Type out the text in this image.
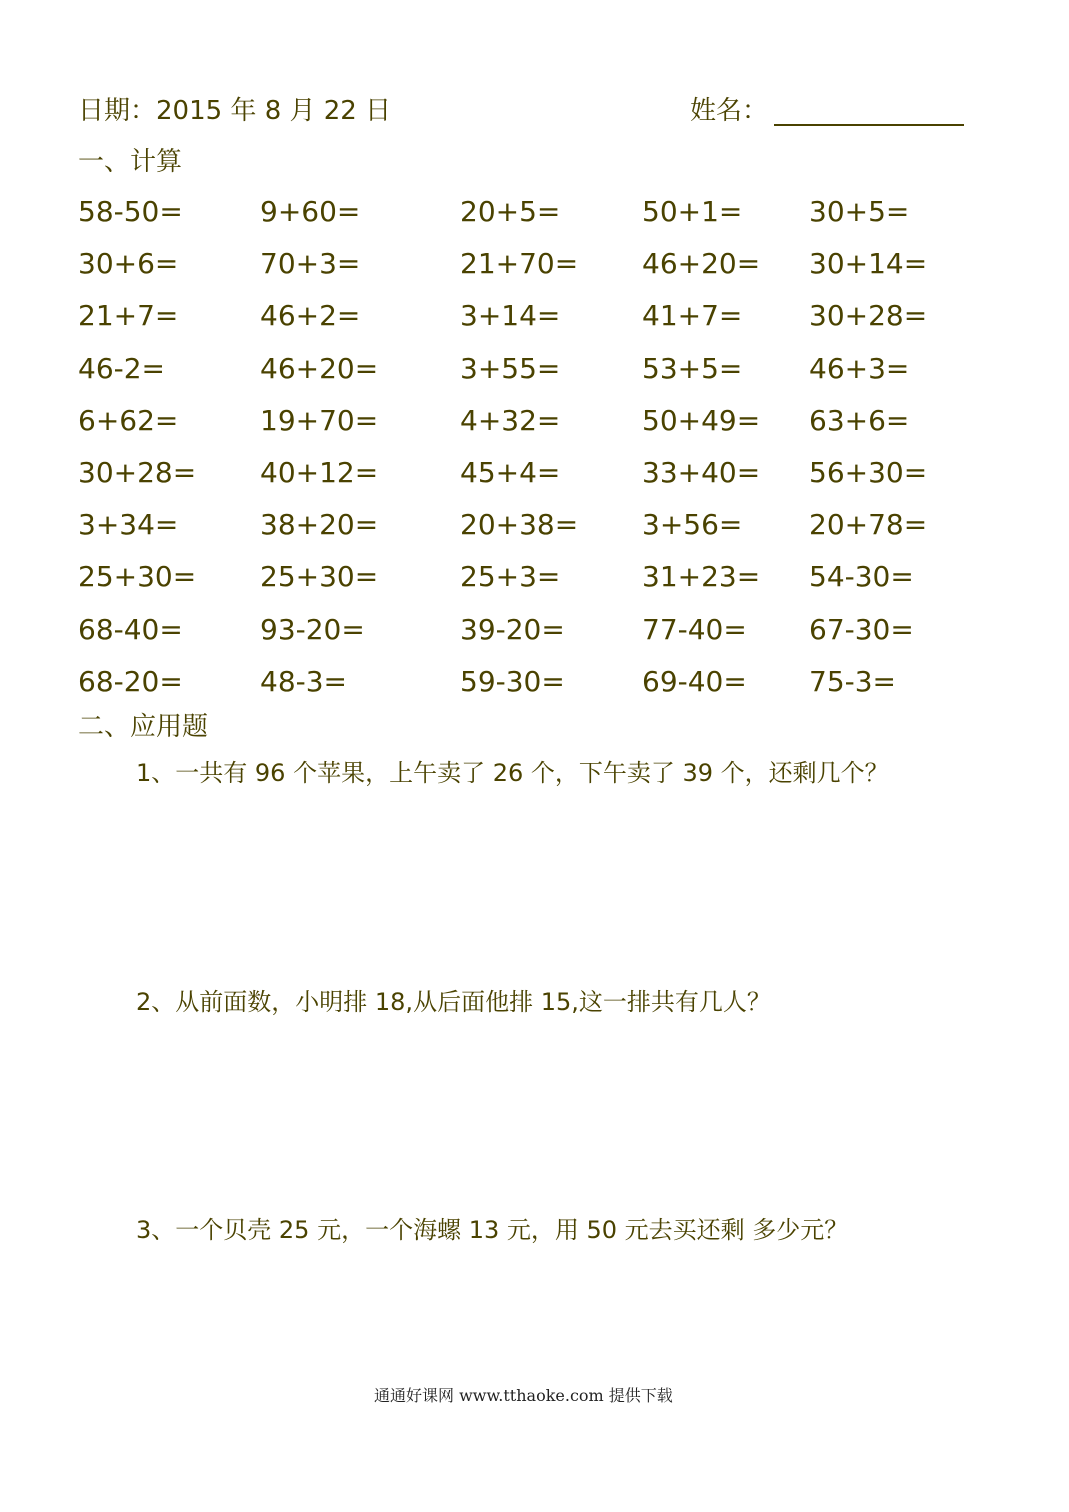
日期：2015 年 8 月 22 日	姓名：
一、计算
58-50=	9+60=	20+5=	50+1= 30+5=
30+6=	70+3=	21+70= 46+20= 30+14=
21+7=	46+2=	3+14=	41+7= 30+28=
46-2=	46+20=	3+55=	53+5= 46+3=
6+62=	19+70=	4+32=	50+49= 63+6=
30+28= 40+12=	45+4=	33+40= 56+30=
3+34=	38+20=	20+38= 3+56= 20+78=
25+30= 25+30=	25+3=	31+23= 54-30=
68-40=	93-20=	39-20=	77-40= 67-30=
68-20=	48-3=	59-30=	69-40= 75-3=
二、应用题
1、一共有 96 个苹果，上午卖了 26 个，下午卖了 39 个，还剩几个？
2、从前面数，小明排 18,从后面他排 15,这一排共有几人？
3、一个贝壳 25 元，一个海螺 13 元，用 50 元去买还剩 多少元？
通通好课网 www.tthaoke.com 提供下载
